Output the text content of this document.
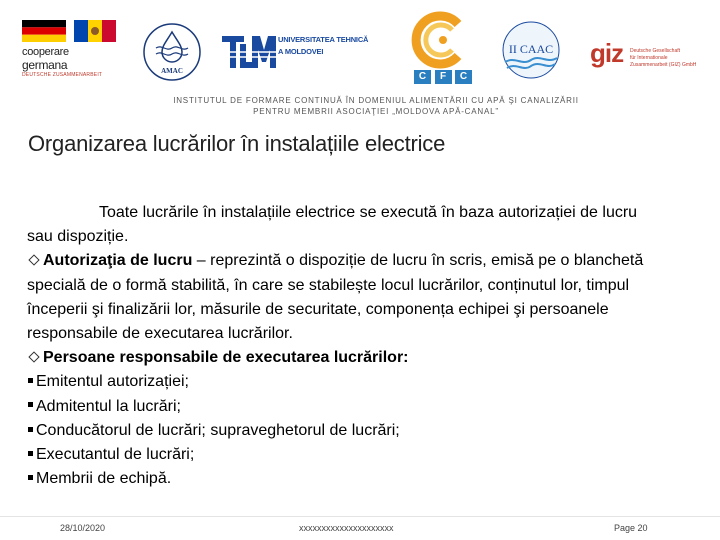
cooperare
germana
DEUTSCHE ZUSAMMENARBEIT	AMAC
UNIVERSITATEA TEHNICĂ
A MOLDOVEI
C	F	C
II CAAC	giz Deutsche Gesellschaft
für Internationale
Zusammenarbeit (GIZ) GmbH
INSTITUTUL DE FORMARE CONTINUĂ ÎN DOMENIUL ALIMENTĂRII CU APĂ ŞI CANALIZĂRII
PENTRU MEMBRII ASOCIAŢIEI „MOLDOVA APĂ-CANAL”
Organizarea lucrărilor în instalațiile electrice

Toate lucrările în instalațiile electrice se execută în baza autorizației de lucru

sau dispoziție.

Autorizaţia de lucru – reprezintă o dispoziție de lucru în scris, emisă pe o blanchetă

specială de o formă stabilită, în care se stabilește locul lucrărilor, conținutul lor, timpul

începerii şi finalizării lor, măsurile de securitate, componența echipei şi persoanele

responsabile de executarea lucrărilor.

Persoane responsabile de executarea lucrărilor:

Emitentul autorizației;

Admitentul la lucrări;

Conducătorul de lucrări; supraveghetorul de lucrări;

Executantul de lucrări;

Membrii de echipă.

28/10/2020	xxxxxxxxxxxxxxxxxxxxx	Page 20
